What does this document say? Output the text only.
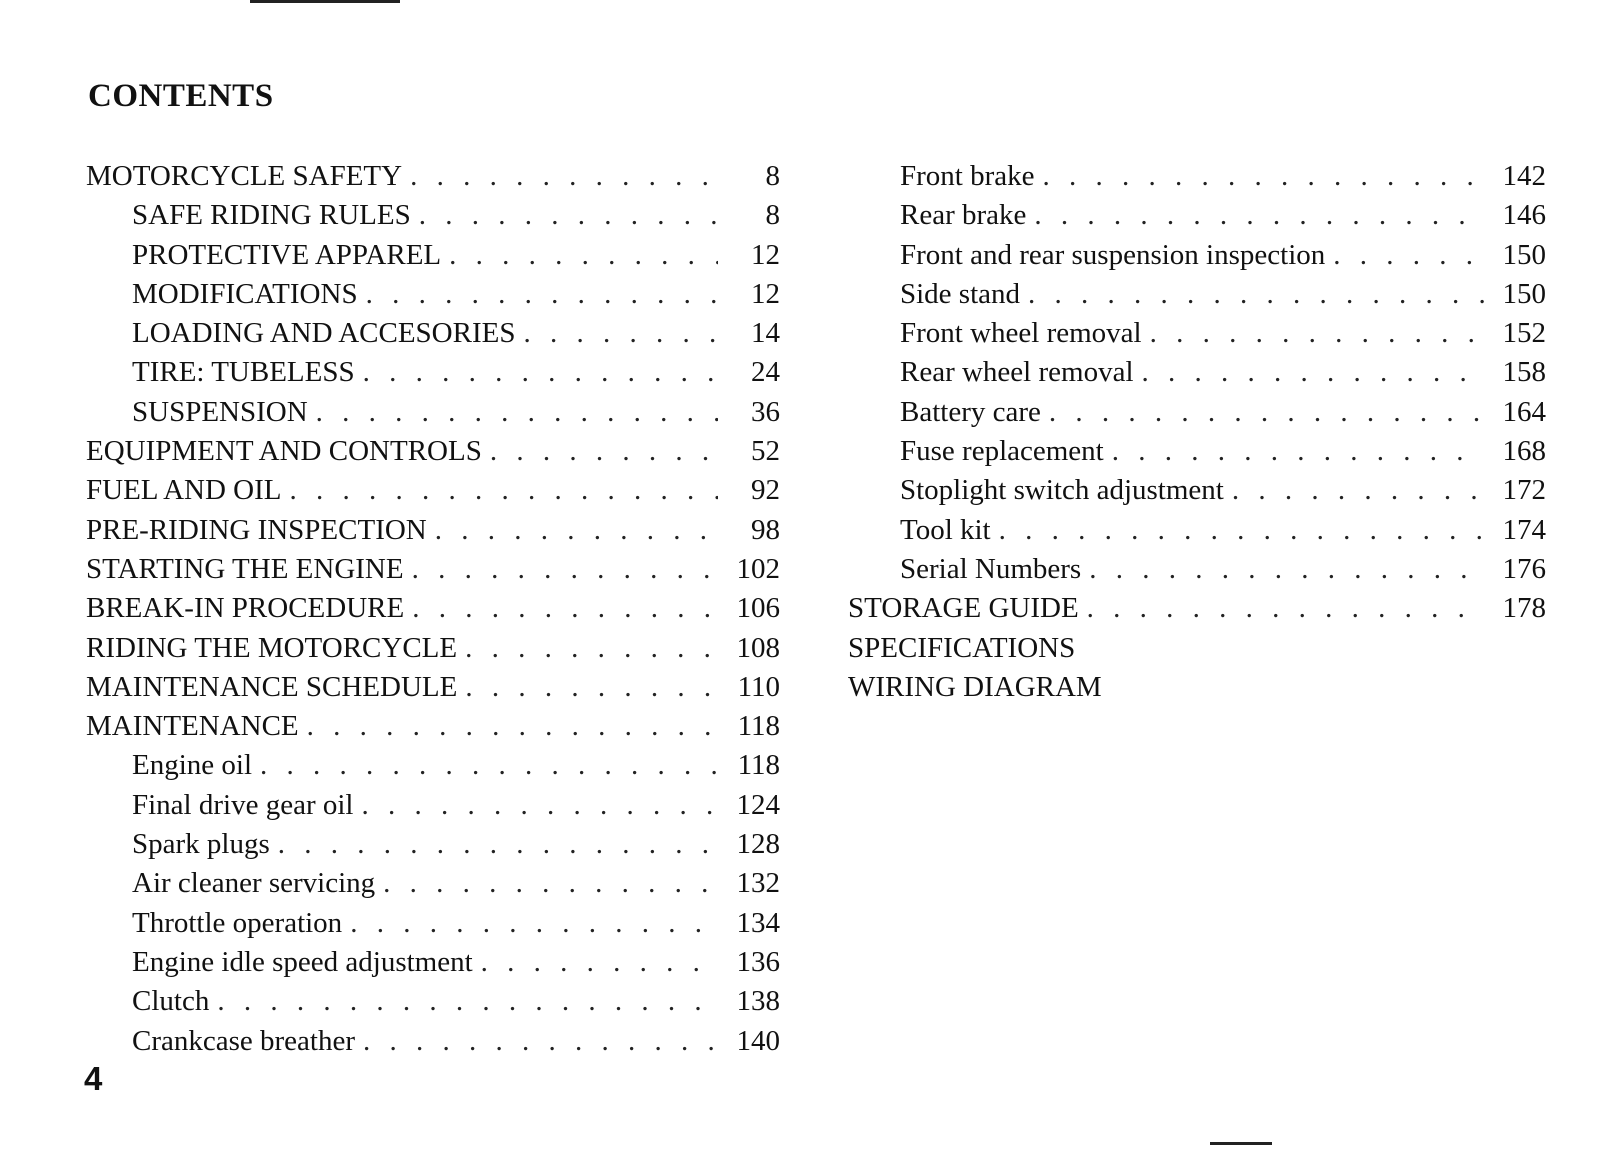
CONTENTS
MOTORCYCLE SAFETY . . .	8
SAFE RIDING RULES . . .	8
PROTECTIVE APPAREL . . .	12
MODIFICATIONS . . .	12
LOADING AND ACCESORIES . . .	14
TIRE: TUBELESS . . .	24
SUSPENSION . . .	36
EQUIPMENT AND CONTROLS . . .	52
FUEL AND OIL . . .	92
PRE-RIDING INSPECTION . . .	98
STARTING THE ENGINE . . .	102
BREAK-IN PROCEDURE . . .	106
RIDING THE MOTORCYCLE . . .	108
MAINTENANCE SCHEDULE . . .	110
MAINTENANCE . . .	118
Engine oil . . .	118
Final drive gear oil . . .	124
Spark plugs . . .	128
Air cleaner servicing . . .	132
Throttle operation . . .	134
Engine idle speed adjustment . . .	136
Clutch . . .	138
Crankcase breather . . .	140
Front brake . . .	142
Rear brake . . .	146
Front and rear suspension inspection . . .	150
Side stand . . .	150
Front wheel removal . . .	152
Rear wheel removal . . .	158
Battery care . . .	164
Fuse replacement . . .	168
Stoplight switch adjustment . . .	172
Tool kit . . .	174
Serial Numbers . . .	176
STORAGE GUIDE . . .	178
SPECIFICATIONS
WIRING DIAGRAM
4
